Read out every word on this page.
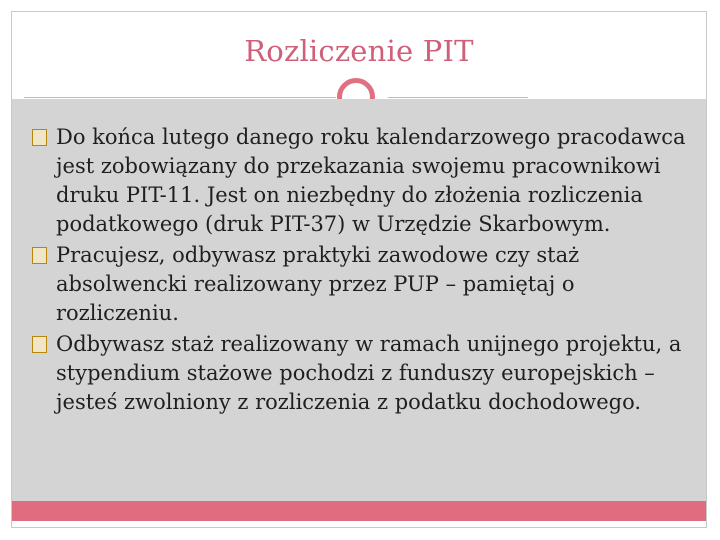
Rozliczenie PIT
Do końca lutego danego roku kalendarzowego pracodawca jest zobowiązany do przekazania swojemu pracownikowi druku PIT-11. Jest on niezbędny do złożenia rozliczenia podatkowego (druk PIT-37) w Urzędzie Skarbowym.
Pracujesz, odbywasz praktyki zawodowe czy staż absolwencki realizowany przez PUP – pamiętaj o rozliczeniu.
Odbywasz staż realizowany w ramach unijnego projektu, a stypendium stażowe pochodzi z funduszy europejskich – jesteś zwolniony z rozliczenia z podatku dochodowego.
